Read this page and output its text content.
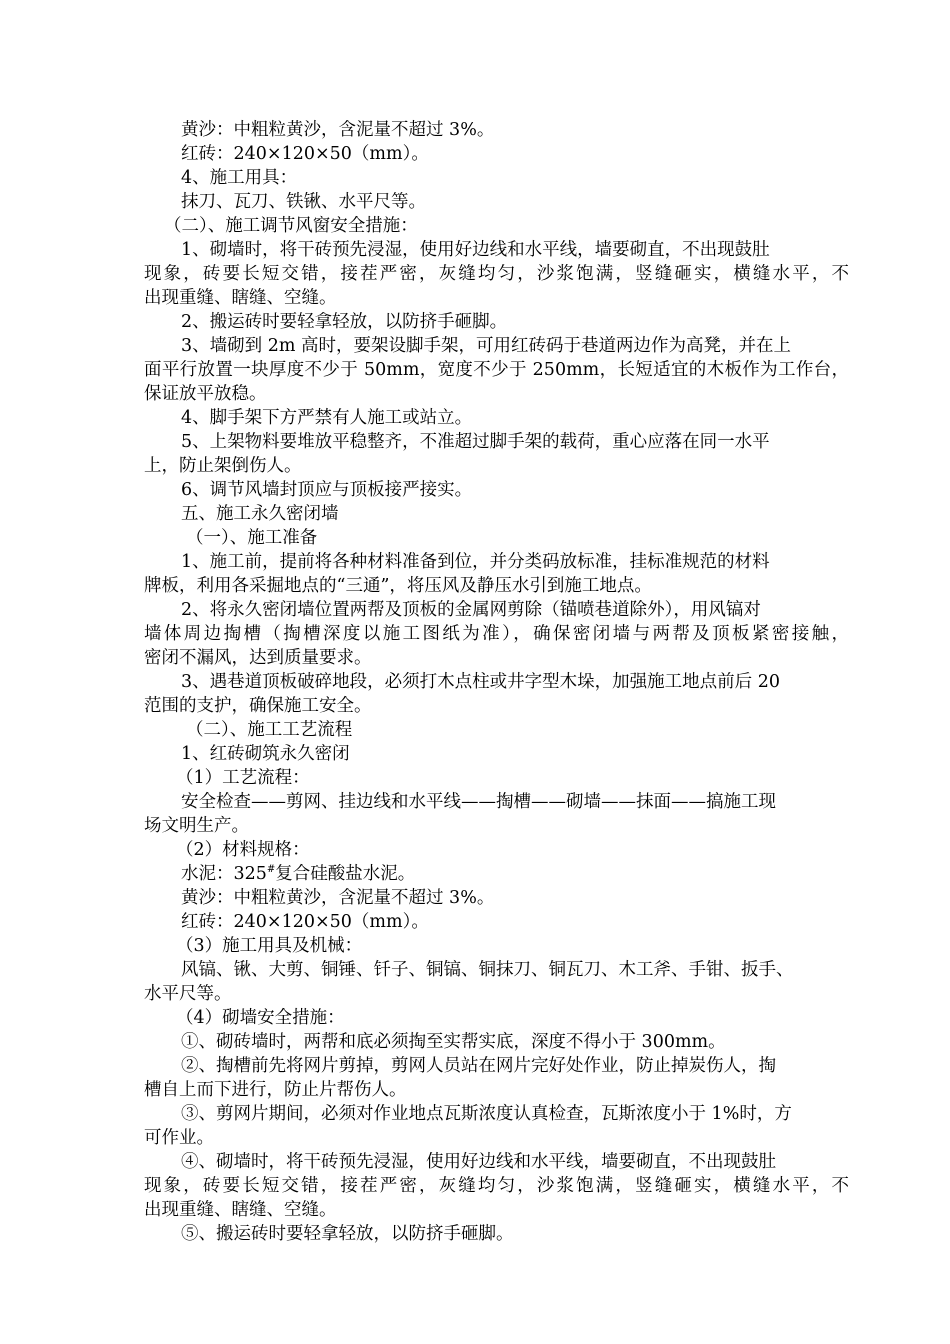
黄沙：中粗粒黄沙，含泥量不超过 3%。

红砖：240×120×50（mm）。

4、施工用具：

抹刀、瓦刀、铁锹、水平尺等。

（二）、施工调节风窗安全措施：

1、砌墙时，将干砖预先浸湿，使用好边线和水平线，墙要砌直，不出现鼓肚

现象，砖要长短交错，接茬严密，灰缝均匀，沙浆饱满，竖缝砸实，横缝水平，不

出现重缝、瞎缝、空缝。

2、搬运砖时要轻拿轻放，以防挤手砸脚。

3、墙砌到 2m 高时，要架设脚手架，可用红砖码于巷道两边作为高凳，并在上

面平行放置一块厚度不少于 50mm，宽度不少于 250mm，长短适宜的木板作为工作台，

保证放平放稳。

4、脚手架下方严禁有人施工或站立。

5、上架物料要堆放平稳整齐，不准超过脚手架的载荷，重心应落在同一水平

上，防止架倒伤人。

6、调节风墙封顶应与顶板接严接实。

五、施工永久密闭墙

（一）、施工准备

1、施工前，提前将各种材料准备到位，并分类码放标准，挂标准规范的材料

牌板，利用各采掘地点的“三通”，将压风及静压水引到施工地点。

2、将永久密闭墙位置两帮及顶板的金属网剪除（锚喷巷道除外），用风镐对

墙体周边掏槽（掏槽深度以施工图纸为准），确保密闭墙与两帮及顶板紧密接触，

密闭不漏风，达到质量要求。

3、遇巷道顶板破碎地段，必须打木点柱或井字型木垛，加强施工地点前后 20

范围的支护，确保施工安全。

（二）、施工工艺流程

1、红砖砌筑永久密闭

（1）工艺流程：

安全检查——剪网、挂边线和水平线——掏槽——砌墙——抹面——搞施工现

场文明生产。

（2）材料规格：

水泥：325#复合硅酸盐水泥。

黄沙：中粗粒黄沙，含泥量不超过 3%。

红砖：240×120×50（mm）。

（3）施工用具及机械：

风镐、锹、大剪、铜锤、钎子、铜镐、铜抹刀、铜瓦刀、木工斧、手钳、扳手、

水平尺等。

（4）砌墙安全措施：

①、砌砖墙时，两帮和底必须掏至实帮实底，深度不得小于 300mm。

②、掏槽前先将网片剪掉，剪网人员站在网片完好处作业，防止掉炭伤人，掏

槽自上而下进行，防止片帮伤人。

③、剪网片期间，必须对作业地点瓦斯浓度认真检查，瓦斯浓度小于 1%时，方

可作业。

④、砌墙时，将干砖预先浸湿，使用好边线和水平线，墙要砌直，不出现鼓肚

现象，砖要长短交错，接茬严密，灰缝均匀，沙浆饱满，竖缝砸实，横缝水平，不

出现重缝、瞎缝、空缝。

⑤、搬运砖时要轻拿轻放，以防挤手砸脚。
